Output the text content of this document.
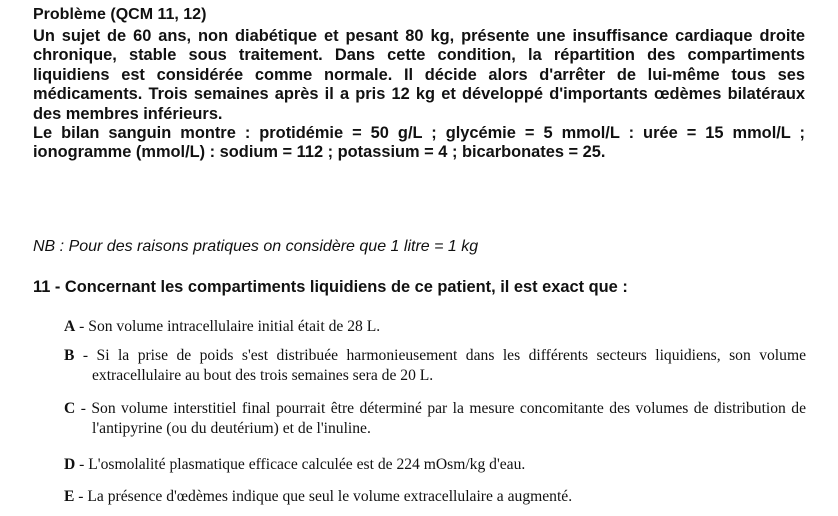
Problème (QCM 11, 12)
Un sujet de 60 ans, non diabétique et pesant 80 kg, présente une insuffisance cardiaque droite chronique, stable sous traitement. Dans cette condition, la répartition des compartiments liquidiens est considérée comme normale. Il décide alors d'arrêter de lui-même tous ses médicaments. Trois semaines après il a pris 12 kg et développé d'importants œdèmes bilatéraux des membres inférieurs.
Le bilan sanguin montre : protidémie = 50 g/L ; glycémie = 5 mmol/L : urée = 15 mmol/L ; ionogramme (mmol/L) : sodium = 112 ; potassium = 4 ; bicarbonates = 25.
NB : Pour des raisons pratiques on considère que 1 litre = 1 kg
11 - Concernant les compartiments liquidiens de ce patient, il est exact que :
A - Son volume intracellulaire initial était de 28 L.
B - Si la prise de poids s'est distribuée harmonieusement dans les différents secteurs liquidiens, son volume extracellulaire au bout des trois semaines sera de 20 L.
C - Son volume interstitiel final pourrait être déterminé par la mesure concomitante des volumes de distribution de l'antipyrine (ou du deutérium) et de l'inuline.
D - L'osmolalité plasmatique efficace calculée est de 224 mOsm/kg d'eau.
E - La présence d'œdèmes indique que seul le volume extracellulaire a augmenté.
